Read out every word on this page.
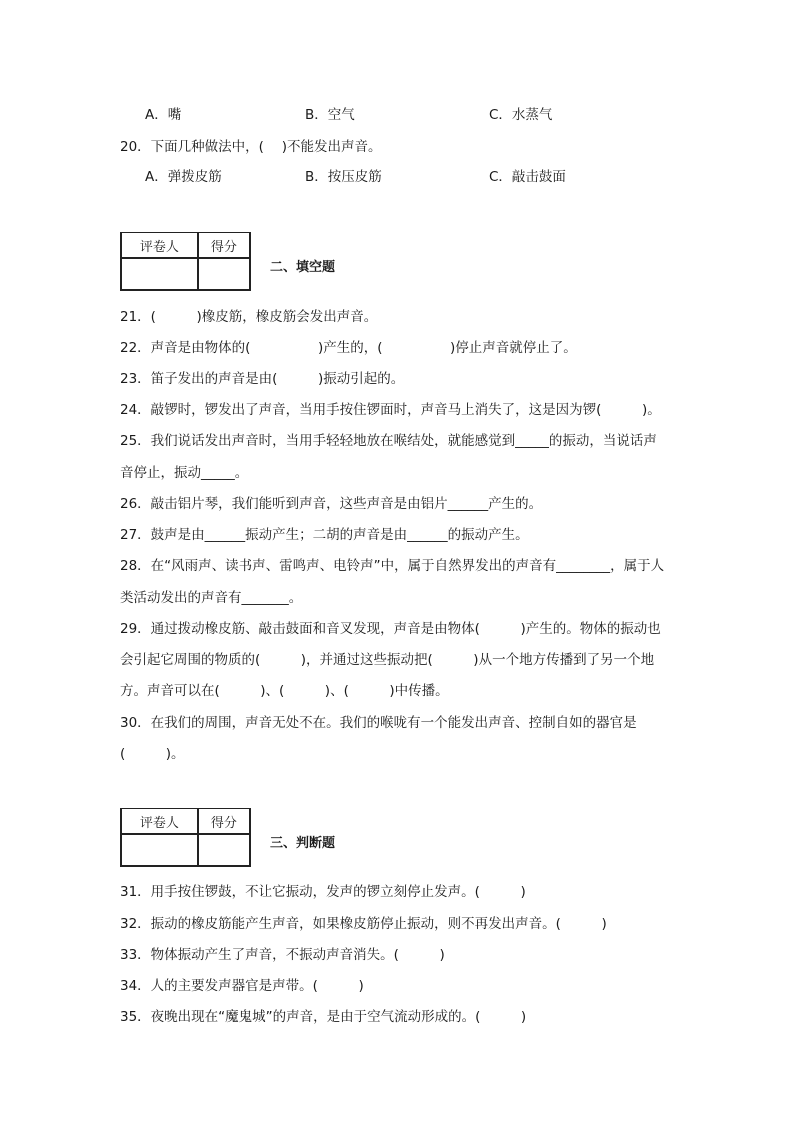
A．嘴	B．空气	C．水蒸气
20．下面几种做法中，(　 )不能发出声音。
A．弹拨皮筋	B．按压皮筋	C．敲击鼓面
评卷人	得分

二、填空题
21．(　　　)橡皮筋，橡皮筋会发出声音。
22．声音是由物体的(　　　　　)产生的，(　　　　　)停止声音就停止了。
23．笛子发出的声音是由(　　　)振动引起的。
24．敲锣时，锣发出了声音，当用手按住锣面时，声音马上消失了，这是因为锣(　　　)。
25．我们说话发出声音时，当用手轻轻地放在喉结处，就能感觉到_____的振动，当说话声
音停止，振动_____。
26．敲击铝片琴，我们能听到声音，这些声音是由铝片______产生的。
27．鼓声是由______振动产生；二胡的声音是由______的振动产生。
28．在“风雨声、读书声、雷鸣声、电铃声”中，属于自然界发出的声音有________，属于人
类活动发出的声音有_______。
29．通过拨动橡皮筋、敲击鼓面和音叉发现，声音是由物体(　　　)产生的。物体的振动也
会引起它周围的物质的(　　　)，并通过这些振动把(　　　)从一个地方传播到了另一个地
方。声音可以在(　　　)、(　　　)、(　　　)中传播。
30．在我们的周围，声音无处不在。我们的喉咙有一个能发出声音、控制自如的器官是
(　　　)。
评卷人	得分

三、判断题
31．用手按住锣鼓，不让它振动，发声的锣立刻停止发声。(　　　)
32．振动的橡皮筋能产生声音，如果橡皮筋停止振动，则不再发出声音。(　　　)
33．物体振动产生了声音，不振动声音消失。(　　　)
34．人的主要发声器官是声带。(　　　)
35．夜晚出现在“魔鬼城”的声音，是由于空气流动形成的。(　　　)
